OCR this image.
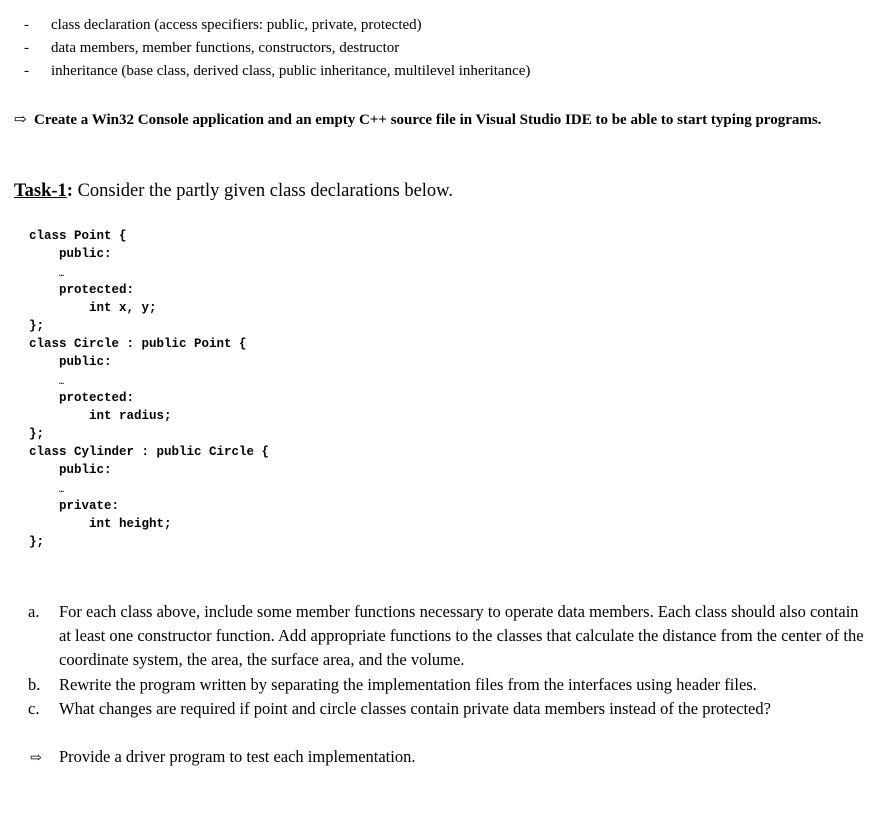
- class declaration (access specifiers: public, private, protected)
- data members, member functions, constructors, destructor
- inheritance (base class, derived class, public inheritance, multilevel inheritance)
⇨ Create a Win32 Console application and an empty C++ source file in Visual Studio IDE to be able to start typing programs.
Task-1: Consider the partly given class declarations below.
class Point {
public:
…
protected:
int x, y;
};
class Circle : public Point {
public:
…
protected:
int radius;
};
class Cylinder : public Circle {
public:
…
private:
int height;
};
a. For each class above, include some member functions necessary to operate data members. Each class should also contain at least one constructor function. Add appropriate functions to the classes that calculate the distance from the center of the coordinate system, the area, the surface area, and the volume.
b. Rewrite the program written by separating the implementation files from the interfaces using header files.
c. What changes are required if point and circle classes contain private data members instead of the protected?
⇨ Provide a driver program to test each implementation.
